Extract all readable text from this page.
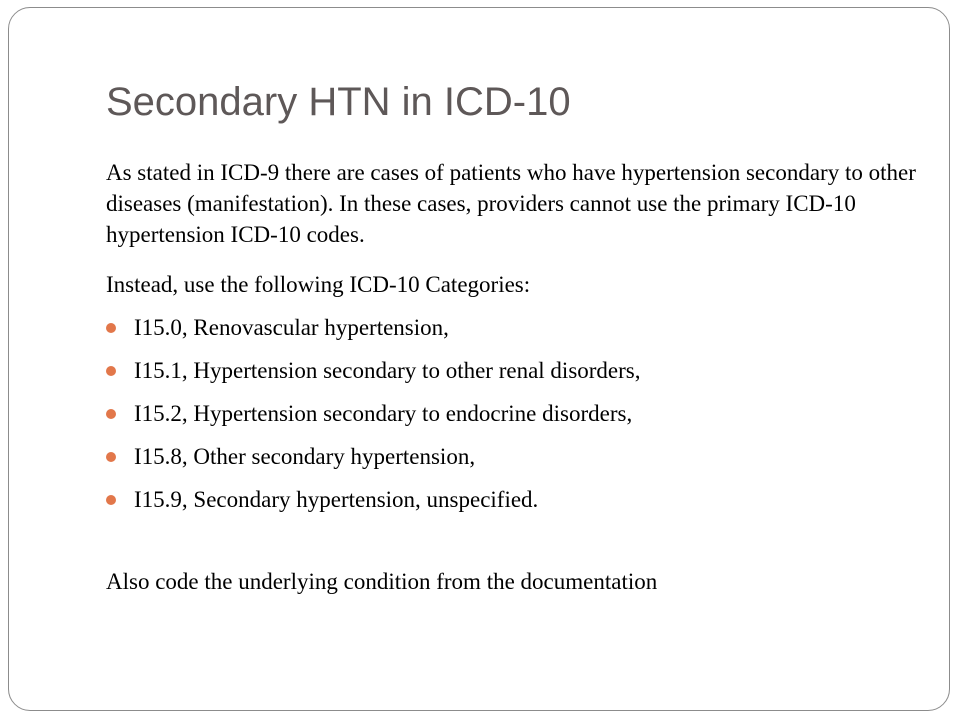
Secondary HTN in ICD-10

As stated in ICD-9 there are cases of patients who have hypertension secondary to other diseases (manifestation). In these cases, providers cannot use the primary ICD-10 hypertension ICD-10 codes.

Instead, use the following ICD-10 Categories:

I15.0, Renovascular hypertension,
I15.1, Hypertension secondary to other renal disorders,
I15.2, Hypertension secondary to endocrine disorders,
I15.8, Other secondary hypertension,
I15.9, Secondary hypertension, unspecified.

Also code the underlying condition from the documentation
